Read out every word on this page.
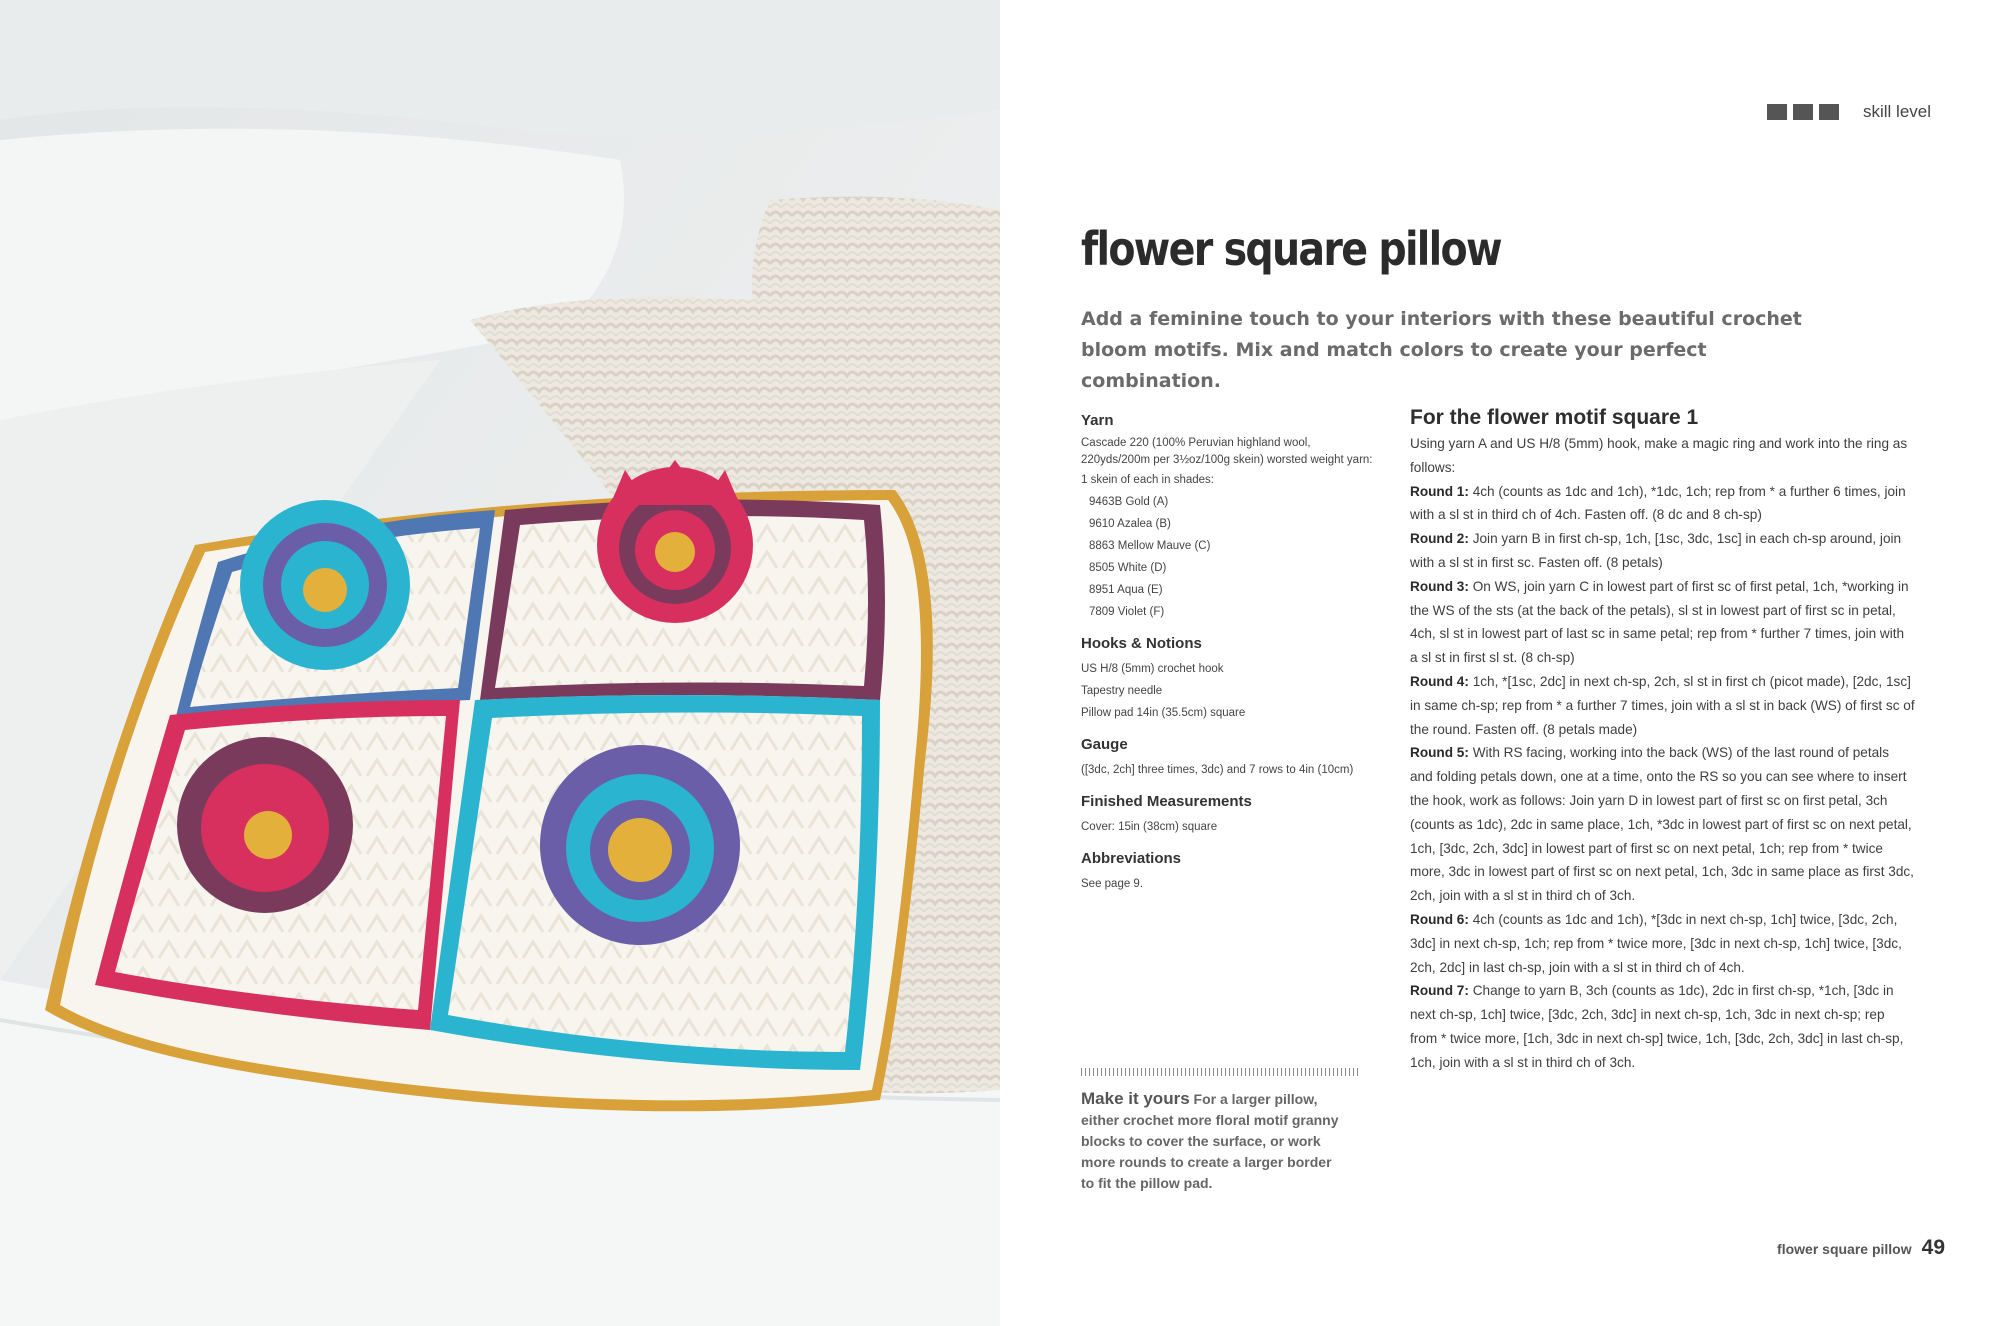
skill level
flower square pillow

Add a feminine touch to your interiors with these beautiful crochet bloom motifs. Mix and match colors to create your perfect combination.

Yarn

Cascade 220 (100% Peruvian highland wool, 220yds/200m per 3½oz/100g skein) worsted weight yarn:

1 skein of each in shades:
9463B Gold (A)
9610 Azalea (B)
8863 Mellow Mauve (C)
8505 White (D)
8951 Aqua (E)
7809 Violet (F)
Hooks & Notions
US H/8 (5mm) crochet hook
Tapestry needle
Pillow pad 14in (35.5cm) square
Gauge
([3dc, 2ch] three times, 3dc) and 7 rows to 4in (10cm)
Finished Measurements
Cover: 15in (38cm) square
Abbreviations
See page 9.
Make it yours For a larger pillow, either crochet more floral motif granny blocks to cover the surface, or work more rounds to create a larger border to fit the pillow pad.
For the flower motif square 1

Using yarn A and US H/8 (5mm) hook, make a magic ring and work into the ring as follows:

Round 1: 4ch (counts as 1dc and 1ch), *1dc, 1ch; rep from * a further 6 times, join with a sl st in third ch of 4ch. Fasten off. (8 dc and 8 ch-sp)

Round 2: Join yarn B in first ch-sp, 1ch, [1sc, 3dc, 1sc] in each ch-sp around, join with a sl st in first sc. Fasten off. (8 petals)

Round 3: On WS, join yarn C in lowest part of first sc of first petal, 1ch, *working in the WS of the sts (at the back of the petals), sl st in lowest part of first sc in petal, 4ch, sl st in lowest part of last sc in same petal; rep from * further 7 times, join with a sl st in first sl st. (8 ch-sp)

Round 4: 1ch, *[1sc, 2dc] in next ch-sp, 2ch, sl st in first ch (picot made), [2dc, 1sc] in same ch-sp; rep from * a further 7 times, join with a sl st in back (WS) of first sc of the round. Fasten off. (8 petals made)

Round 5: With RS facing, working into the back (WS) of the last round of petals and folding petals down, one at a time, onto the RS so you can see where to insert the hook, work as follows: Join yarn D in lowest part of first sc on first petal, 3ch (counts as 1dc), 2dc in same place, 1ch, *3dc in lowest part of first sc on next petal, 1ch, [3dc, 2ch, 3dc] in lowest part of first sc on next petal, 1ch; rep from * twice more, 3dc in lowest part of first sc on next petal, 1ch, 3dc in same place as first 3dc, 2ch, join with a sl st in third ch of 3ch.

Round 6: 4ch (counts as 1dc and 1ch), *[3dc in next ch-sp, 1ch] twice, [3dc, 2ch, 3dc] in next ch-sp, 1ch; rep from * twice more, [3dc in next ch-sp, 1ch] twice, [3dc, 2ch, 2dc] in last ch-sp, join with a sl st in third ch of 4ch.

Round 7: Change to yarn B, 3ch (counts as 1dc), 2dc in first ch-sp, *1ch, [3dc in next ch-sp, 1ch] twice, [3dc, 2ch, 3dc] in next ch-sp, 1ch, 3dc in next ch-sp; rep from * twice more, [1ch, 3dc in next ch-sp] twice, 1ch, [3dc, 2ch, 3dc] in last ch-sp, 1ch, join with a sl st in third ch of 3ch.

flower square pillow 49
